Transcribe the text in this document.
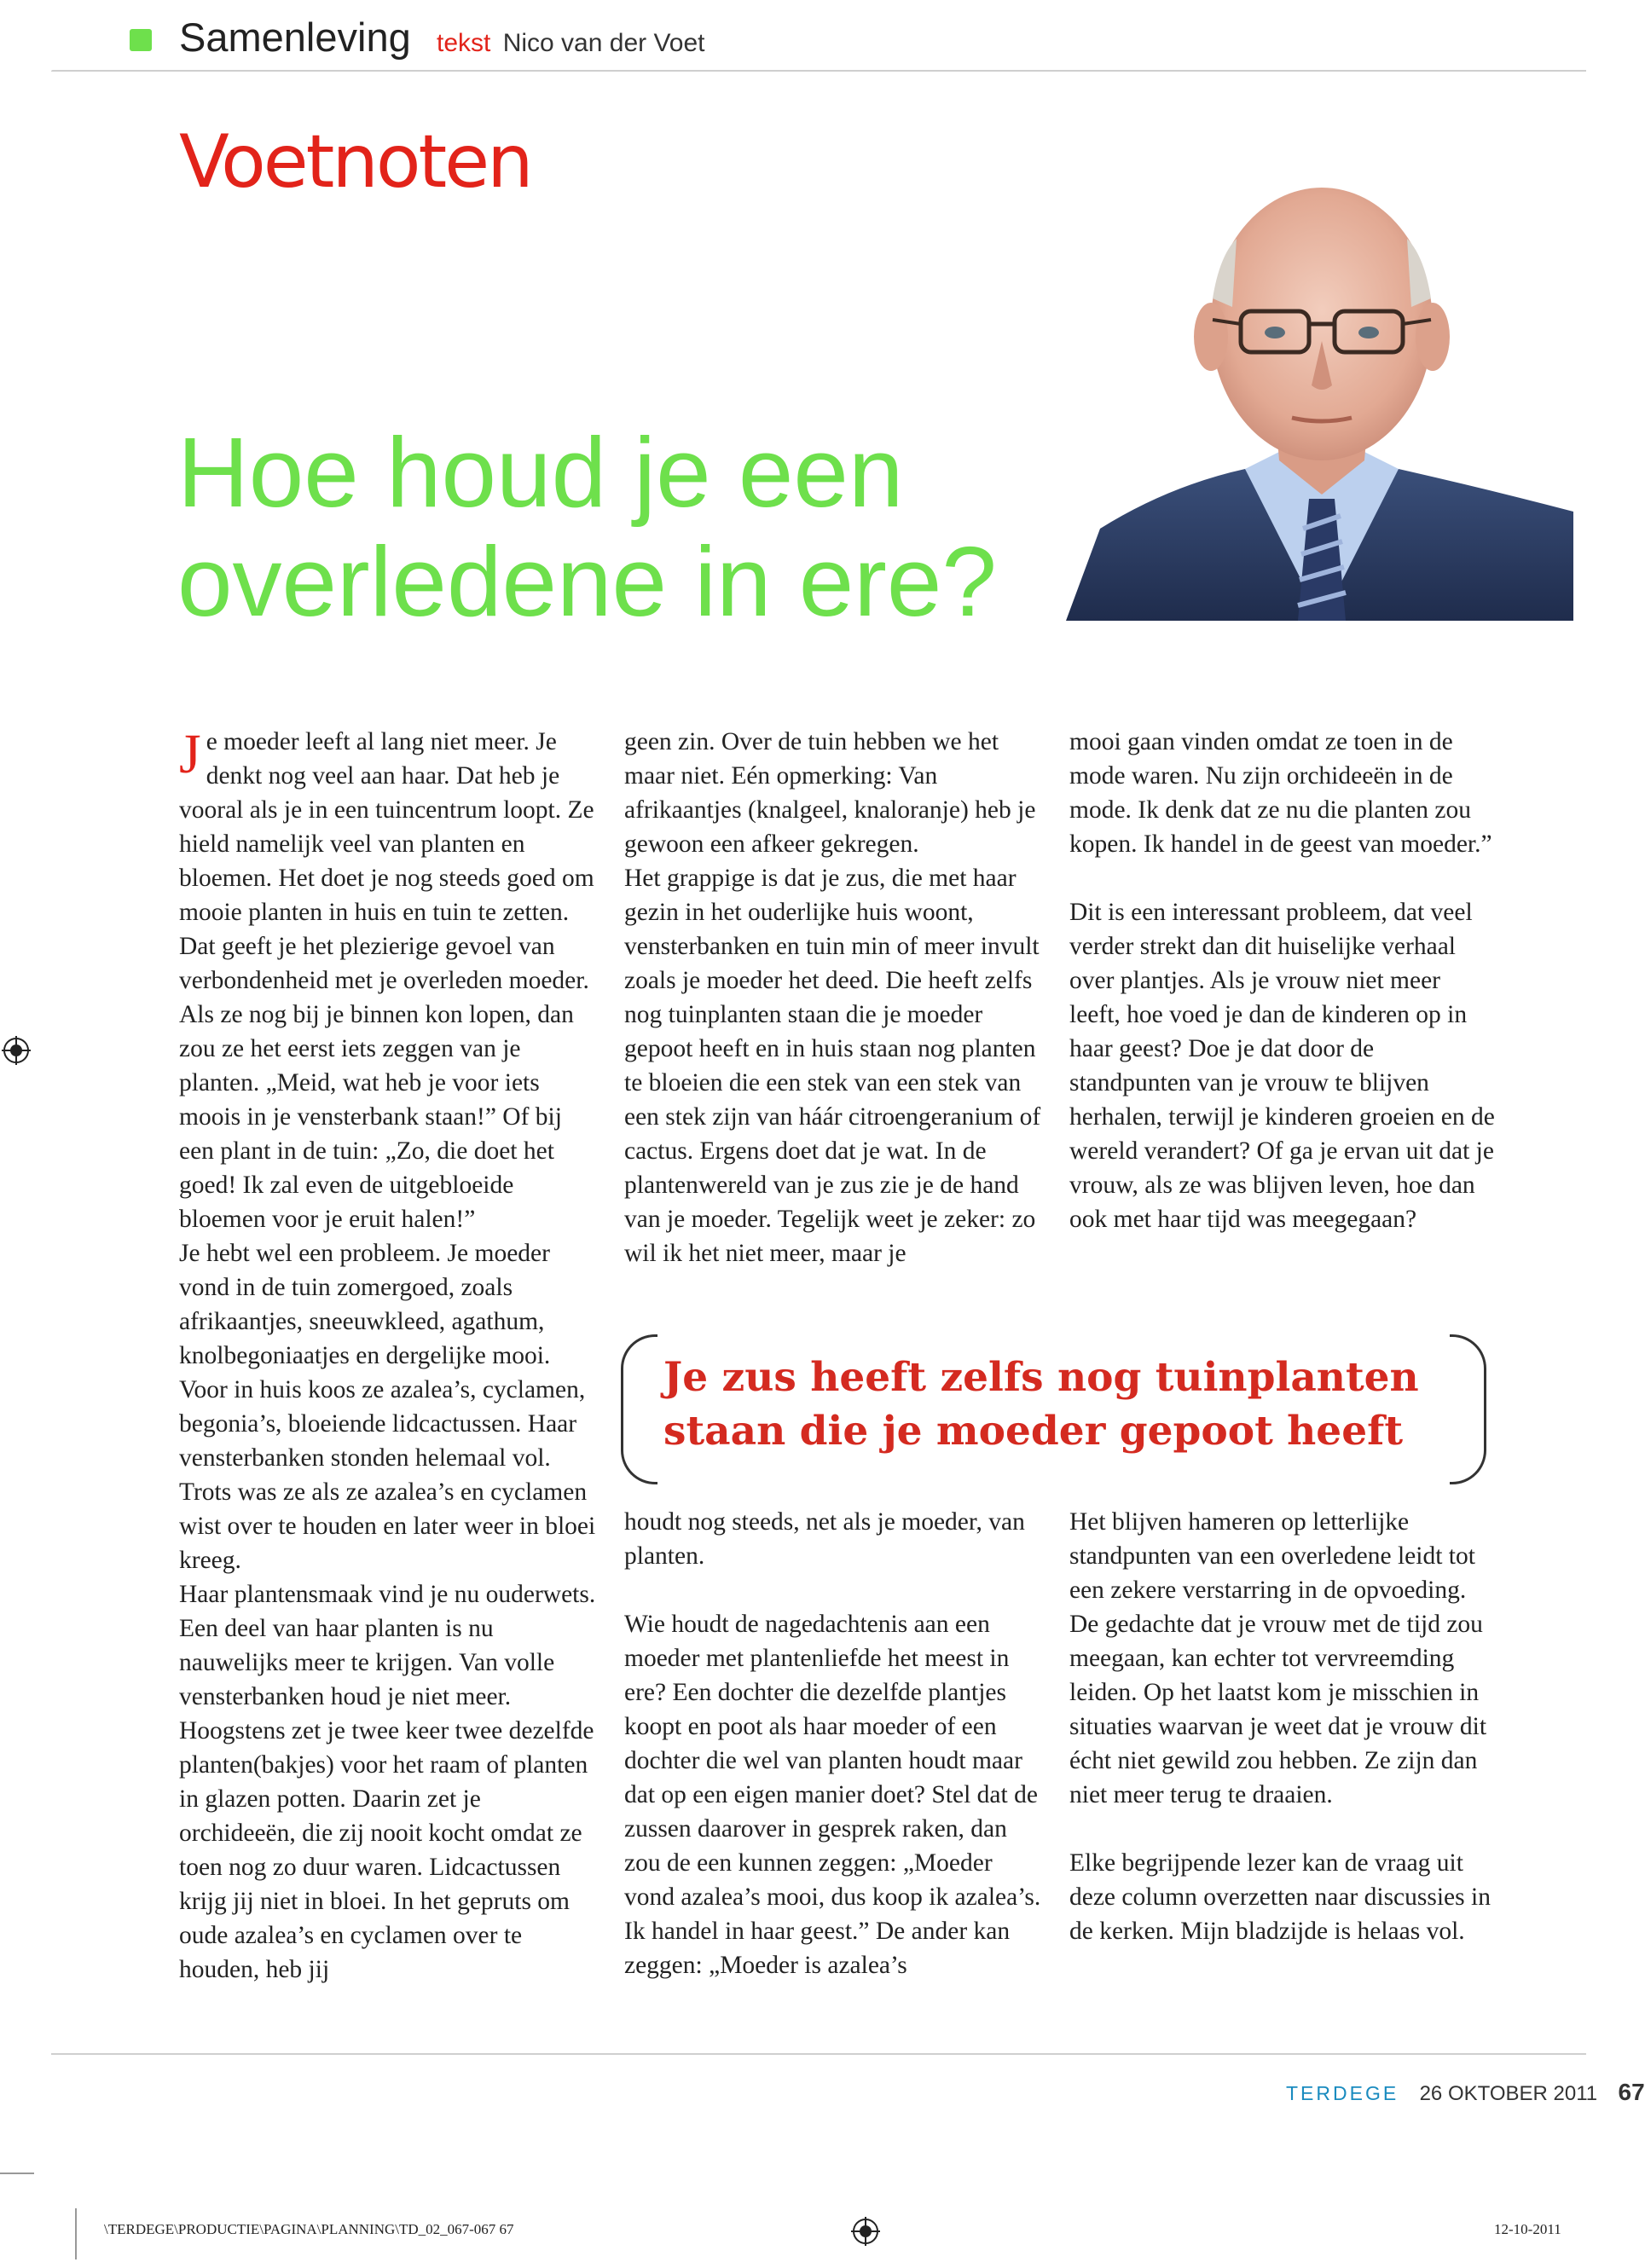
Samenleving tekst Nico van der Voet
Voetnoten
Hoe houd je een overledene in ere?

Je moeder leeft al lang niet meer. Je denkt nog veel aan haar. Dat heb je vooral als je in een tuincentrum loopt. Ze hield namelijk veel van planten en bloemen. Het doet je nog steeds goed om mooie planten in huis en tuin te zetten. Dat geeft je het plezierige gevoel van verbondenheid met je overleden moeder.

Als ze nog bij je binnen kon lopen, dan zou ze het eerst iets zeggen van je planten. „Meid, wat heb je voor iets moois in je vensterbank staan!” Of bij een plant in de tuin: „Zo, die doet het goed! Ik zal even de uitgebloeide bloemen voor je eruit halen!”

Je hebt wel een probleem. Je moeder vond in de tuin zomergoed, zoals afrikaantjes, sneeuwkleed, agathum, knolbegoniaatjes en dergelijke mooi. Voor in huis koos ze azalea’s, cyclamen, begonia’s, bloeiende lidcactussen. Haar vensterbanken stonden helemaal vol. Trots was ze als ze azalea’s en cyclamen wist over te houden en later weer in bloei kreeg.

Haar plantensmaak vind je nu ouderwets. Een deel van haar planten is nu nauwelijks meer te krijgen. Van volle vensterbanken houd je niet meer. Hoogstens zet je twee keer twee dezelfde planten(bakjes) voor het raam of planten in glazen potten. Daarin zet je orchideeën, die zij nooit kocht omdat ze toen nog zo duur waren. Lidcactussen krijg jij niet in bloei. In het gepruts om oude azalea’s en cyclamen over te houden, heb jij

geen zin. Over de tuin hebben we het maar niet. Eén opmerking: Van afrikaantjes (knalgeel, knaloranje) heb je gewoon een afkeer gekregen.

Het grappige is dat je zus, die met haar gezin in het ouderlijke huis woont, vensterbanken en tuin min of meer invult zoals je moeder het deed. Die heeft zelfs nog tuinplanten staan die je moeder gepoot heeft en in huis staan nog planten te bloeien die een stek van een stek van een stek zijn van háár citroengeranium of cactus. Ergens doet dat je wat. In de plantenwereld van je zus zie je de hand van je moeder. Tegelijk weet je zeker: zo wil ik het niet meer, maar je

mooi gaan vinden omdat ze toen in de mode waren. Nu zijn orchideeën in de mode. Ik denk dat ze nu die planten zou kopen. Ik handel in de geest van moeder.”

Dit is een interessant probleem, dat veel verder strekt dan dit huiselijke verhaal over plantjes. Als je vrouw niet meer leeft, hoe voed je dan de kinderen op in haar geest? Doe je dat door de standpunten van je vrouw te blijven herhalen, terwijl je kinderen groeien en de wereld verandert? Of ga je ervan uit dat je vrouw, als ze was blijven leven, hoe dan ook met haar tijd was meegegaan?

Je zus heeft zelfs nog tuinplanten staan die je moeder gepoot heeft

houdt nog steeds, net als je moeder, van planten.

Wie houdt de nagedachtenis aan een moeder met plantenliefde het meest in ere? Een dochter die dezelfde plantjes koopt en poot als haar moeder of een dochter die wel van planten houdt maar dat op een eigen manier doet? Stel dat de zussen daarover in gesprek raken, dan zou de een kunnen zeggen: „Moeder vond azalea’s mooi, dus koop ik azalea’s. Ik handel in haar geest.” De ander kan zeggen: „Moeder is azalea’s

Het blijven hameren op letterlijke standpunten van een overledene leidt tot een zekere verstarring in de opvoeding. De gedachte dat je vrouw met de tijd zou meegaan, kan echter tot vervreemding leiden. Op het laatst kom je misschien in situaties waarvan je weet dat je vrouw dit écht niet gewild zou hebben. Ze zijn dan niet meer terug te draaien.

Elke begrijpende lezer kan de vraag uit deze column overzetten naar discussies in de kerken. Mijn bladzijde is helaas vol.

TERDEGE 26 OKTOBER 2011 67
\TERDEGE\PRODUCTIE\PAGINA\PLANNING\TD_02_067-067 67	12-10-2011
